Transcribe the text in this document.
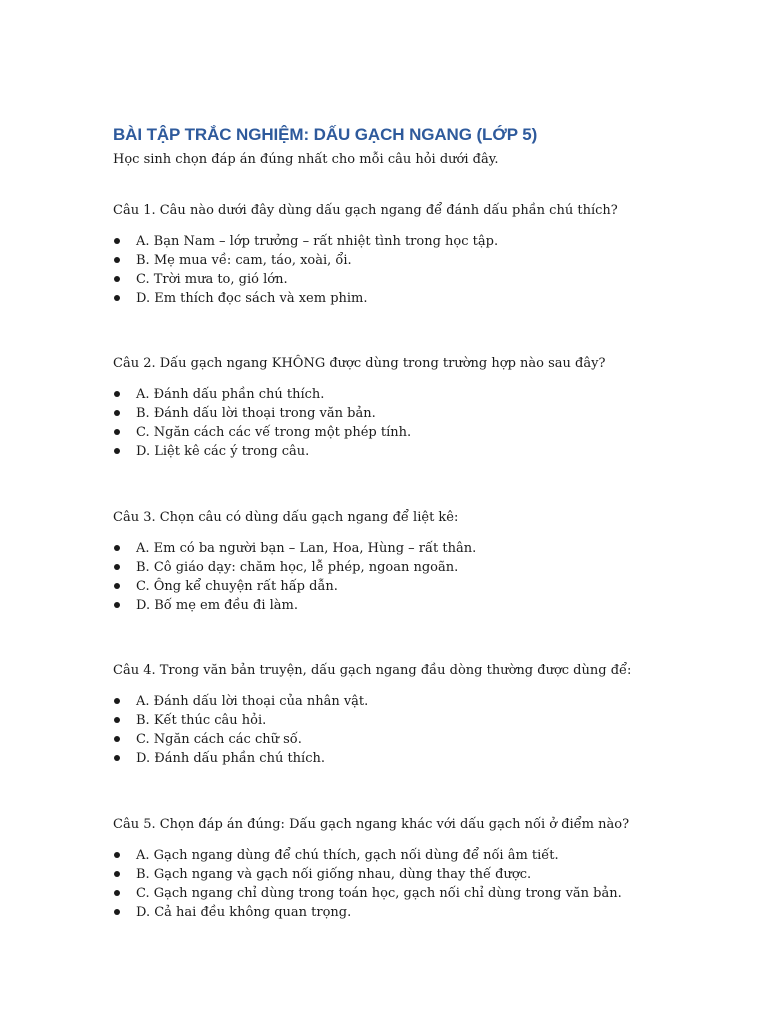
BÀI TẬP TRẮC NGHIỆM: DẤU GẠCH NGANG (LỚP 5)
Học sinh chọn đáp án đúng nhất cho mỗi câu hỏi dưới đây.
Câu 1. Câu nào dưới đây dùng dấu gạch ngang để đánh dấu phần chú thích?
A. Bạn Nam – lớp trưởng – rất nhiệt tình trong học tập.
B. Mẹ mua về: cam, táo, xoài, ổi.
C. Trời mưa to, gió lớn.
D. Em thích đọc sách và xem phim.
Câu 2. Dấu gạch ngang KHÔNG được dùng trong trường hợp nào sau đây?
A. Đánh dấu phần chú thích.
B. Đánh dấu lời thoại trong văn bản.
C. Ngăn cách các vế trong một phép tính.
D. Liệt kê các ý trong câu.
Câu 3. Chọn câu có dùng dấu gạch ngang để liệt kê:
A. Em có ba người bạn – Lan, Hoa, Hùng – rất thân.
B. Cô giáo dạy: chăm học, lễ phép, ngoan ngoãn.
C. Ông kể chuyện rất hấp dẫn.
D. Bố mẹ em đều đi làm.
Câu 4. Trong văn bản truyện, dấu gạch ngang đầu dòng thường được dùng để:
A. Đánh dấu lời thoại của nhân vật.
B. Kết thúc câu hỏi.
C. Ngăn cách các chữ số.
D. Đánh dấu phần chú thích.
Câu 5. Chọn đáp án đúng: Dấu gạch ngang khác với dấu gạch nối ở điểm nào?
A. Gạch ngang dùng để chú thích, gạch nối dùng để nối âm tiết.
B. Gạch ngang và gạch nối giống nhau, dùng thay thế được.
C. Gạch ngang chỉ dùng trong toán học, gạch nối chỉ dùng trong văn bản.
D. Cả hai đều không quan trọng.
